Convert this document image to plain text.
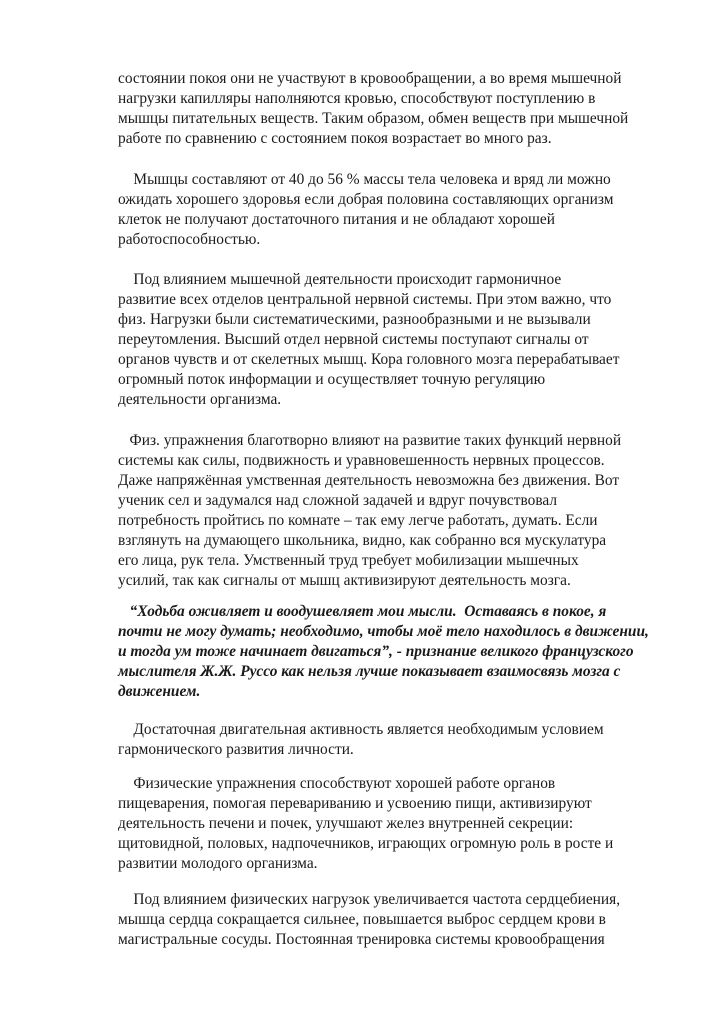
состоянии покоя они не участвуют в кровообращении, а во время мышечной
нагрузки капилляры наполняются кровью, способствуют поступлению в
мышцы питательных веществ. Таким образом, обмен веществ при мышечной
работе по сравнению с состоянием покоя возрастает во много раз.
Мышцы составляют от 40 до 56 % массы тела человека и вряд ли можно
ожидать хорошего здоровья если добрая половина составляющих организм
клеток не получают достаточного питания и не обладают хорошей
работоспособностью.
Под влиянием мышечной деятельности происходит гармоничное
развитие всех отделов центральной нервной системы. При этом важно, что
физ. Нагрузки были систематическими, разнообразными и не вызывали
переутомления. Высший отдел нервной системы поступают сигналы от
органов чувств и от скелетных мышц. Кора головного мозга перерабатывает
огромный поток информации и осуществляет точную регуляцию
деятельности организма.
Физ. упражнения благотворно влияют на развитие таких функций нервной
системы как силы, подвижность и уравновешенность нервных процессов.
Даже напряжённая умственная деятельность невозможна без движения. Вот
ученик сел и задумался над сложной задачей и вдруг почувствовал
потребность пройтись по комнате – так ему легче работать, думать. Если
взглянуть на думающего школьника, видно, как собранно вся мускулатура
его лица, рук тела. Умственный труд требует мобилизации мышечных
усилий, так как сигналы от мышц активизируют деятельность мозга.
“Ходьба оживляет и воодушевляет мои мысли.  Оставаясь в покое, я
почти не могу думать; необходимо, чтобы моё тело находилось в движении,
и тогда ум тоже начинает двигаться”, - признание великого французского
мыслителя Ж.Ж. Руссо как нельзя лучше показывает взаимосвязь мозга с
движением.
Достаточная двигательная активность является необходимым условием
гармонического развития личности.
Физические упражнения способствуют хорошей работе органов
пищеварения, помогая перевариванию и усвоению пищи, активизируют
деятельность печени и почек, улучшают желез внутренней секреции:
щитовидной, половых, надпочечников, играющих огромную роль в росте и
развитии молодого организма.
Под влиянием физических нагрузок увеличивается частота сердцебиения,
мышца сердца сокращается сильнее, повышается выброс сердцем крови в
магистральные сосуды. Постоянная тренировка системы кровообращения
